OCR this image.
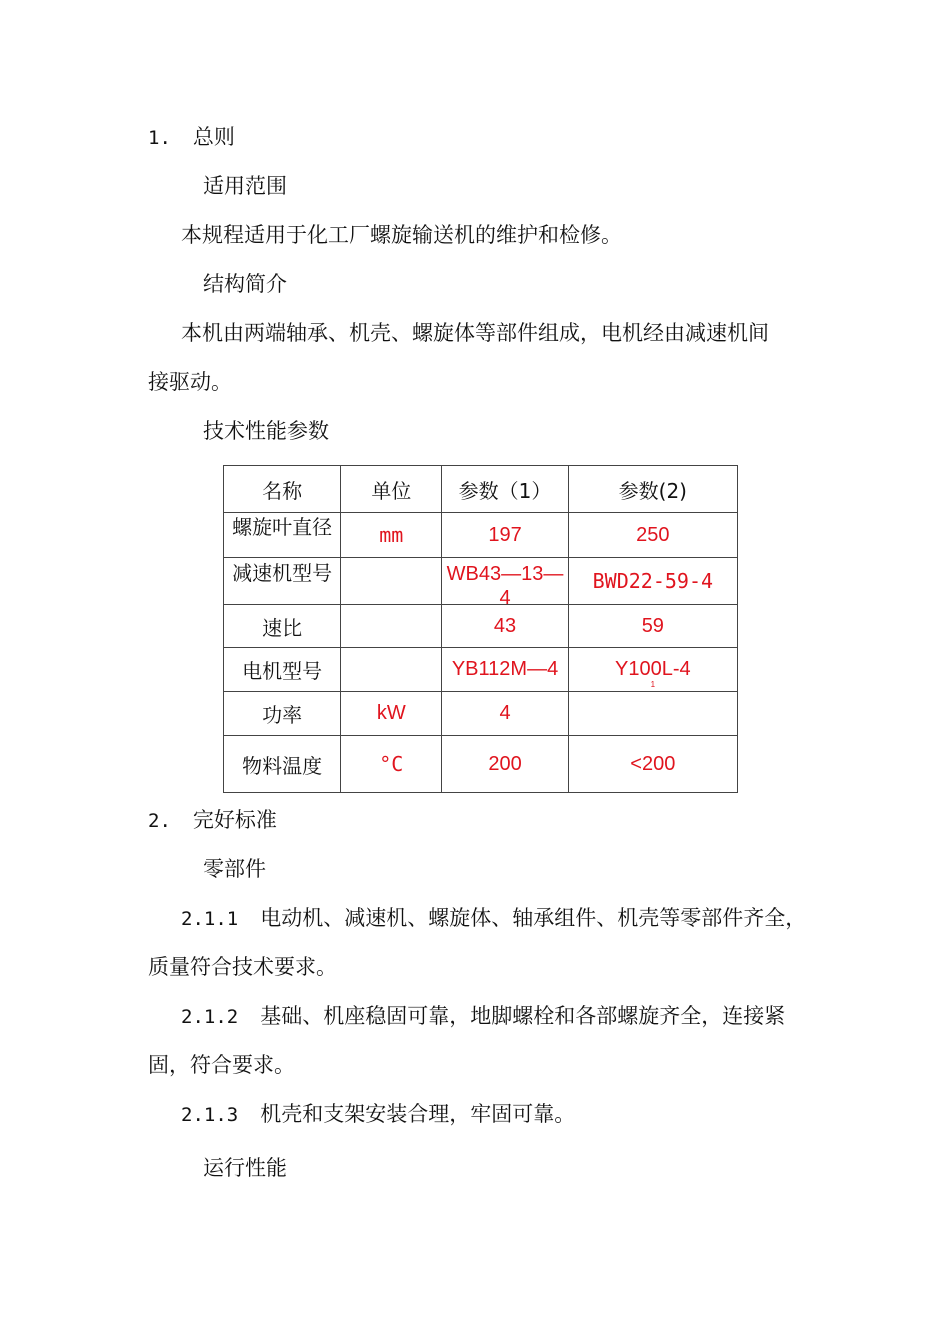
1. 总则
适用范围
本规程适用于化工厂螺旋输送机的维护和检修。
结构简介
本机由两端轴承、机壳、螺旋体等部件组成，电机经由减速机间
接驱动。
技术性能参数
名称	单位	参数（1）	参数(2)

螺旋叶直径	mm	197	250

减速机型号		WB43—13—4	BWD22-59-4
速比		43	59
电机型号		YB112M—4	Y100L-4
1

功率	kW	4	
物料温度	°C	200	<200
2. 完好标准
零部件
2.1.1 电动机、减速机、螺旋体、轴承组件、机壳等零部件齐全，
质量符合技术要求。
2.1.2 基础、机座稳固可靠，地脚螺栓和各部螺旋齐全，连接紧
固，符合要求。
2.1.3 机壳和支架安装合理，牢固可靠。
运行性能
